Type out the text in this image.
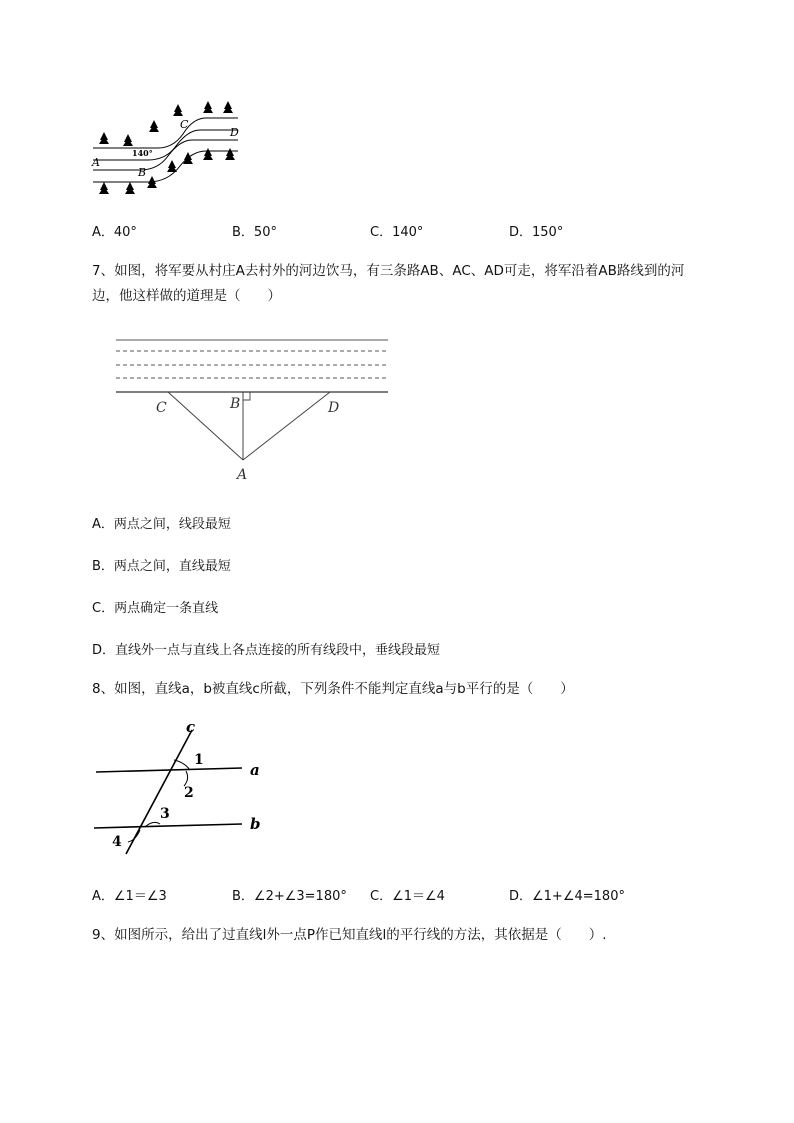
A
B
C
D
140°
A．40°	B．50°	C．140°	D．150°
7、如图，将军要从村庄A去村外的河边饮马，有三条路AB、AC、AD可走，将军沿着AB路线到的河
边，他这样做的道理是（　　）
C	B	D
A
A．两点之间，线段最短
B．两点之间，直线最短
C．两点确定一条直线
D．直线外一点与直线上各点连接的所有线段中，垂线段最短
8、如图，直线a，b被直线c所截，下列条件不能判定直线a与b平行的是（　　）
c
a
b
1
2
3
4
A．∠1＝∠3	B．∠2+∠3=180° C．∠1＝∠4	D．∠1+∠4=180°
9、如图所示，给出了过直线l外一点P作已知直线l的平行线的方法，其依据是（　　）.
